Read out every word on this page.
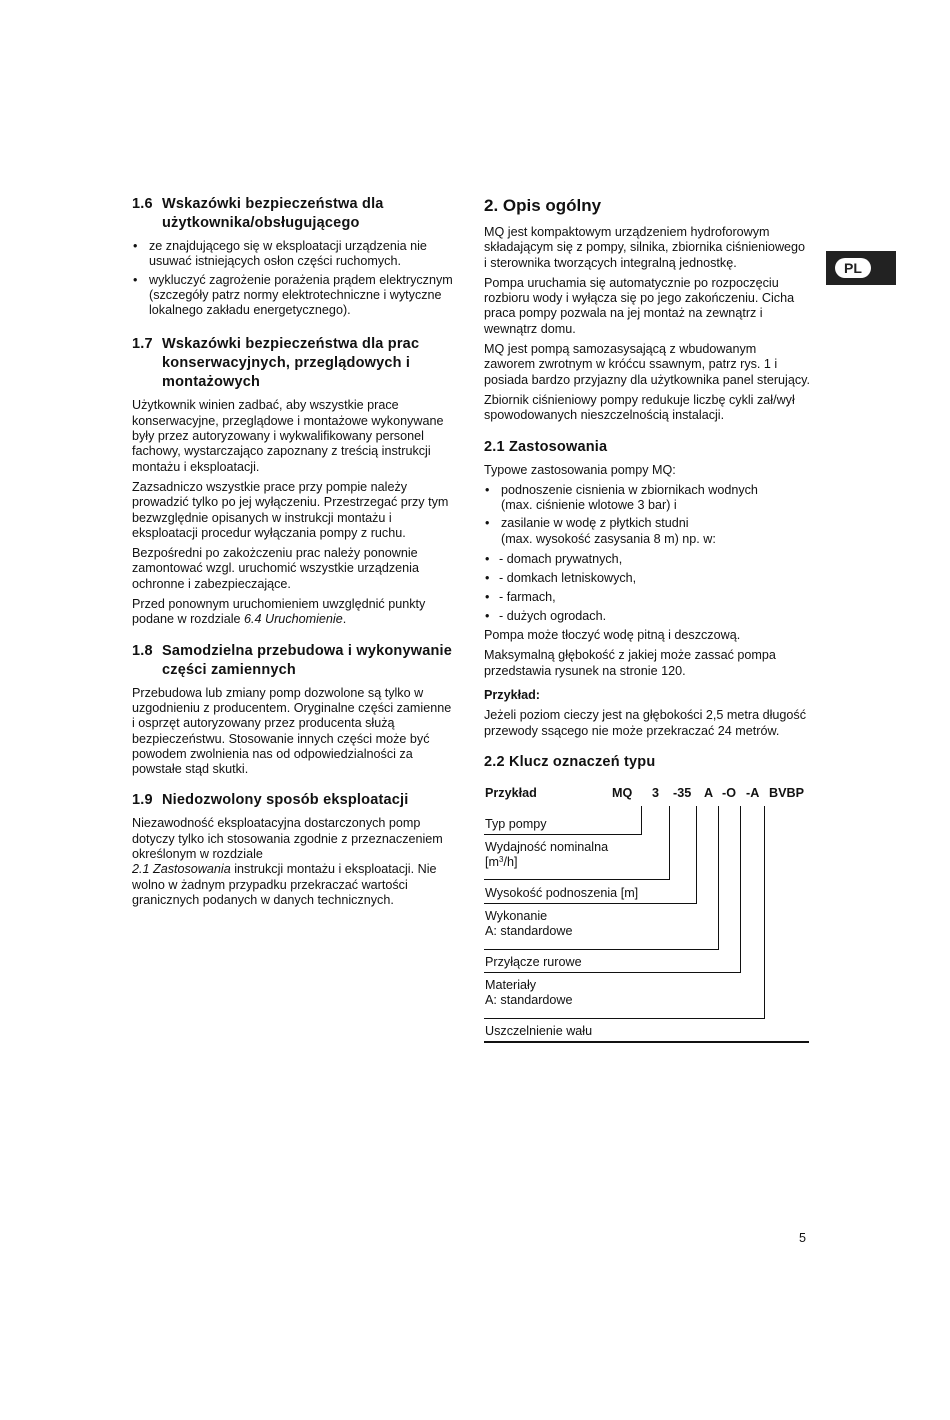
1.6 Wskazówki bezpieczeństwa dla użytkownika/obsługującego
• ze znajdującego się w eksploatacji urządzenia nie usuwać istniejących osłon części ruchomych.
• wykluczyć zagrożenie porażenia prądem elektrycznym (szczegóły patrz normy elektrotechniczne i wytyczne lokalnego zakładu energetycznego).
1.7 Wskazówki bezpieczeństwa dla prac konserwacyjnych, przeglądowych i montażowych

Użytkownik winien zadbać, aby wszystkie prace konserwacyjne, przeglądowe i montażowe wykonywane były przez autoryzowany i wykwalifikowany personel fachowy, wystarczająco zapoznany z treścią instrukcji montażu i eksploatacji.

Zazsadniczo wszystkie prace przy pompie należy prowadzić tylko po jej wyłączeniu. Przestrzegać przy tym bezwzględnie opisanych w instrukcji montażu i eksploatacji procedur wyłączania pompy z ruchu.

Bezpośredni po zakożczeniu prac należy ponownie zamontować wzgl. uruchomić wszystkie urządzenia ochronne i zabezpieczające.

Przed ponownym uruchomieniem uwzględnić punkty podane w rozdziale 6.4 Uruchomienie.

1.8 Samodzielna przebudowa i wykonywanie części zamiennych

Przebudowa lub zmiany pomp dozwolone są tylko w uzgodnieniu z producentem. Oryginalne części zamienne i osprzęt autoryzowany przez producenta służą bezpieczeństwu. Stosowanie innych części może być powodem zwolnienia nas od odpowiedzialności za powstałe stąd skutki.

1.9 Niedozwolony sposób eksploatacji

Niezawodność eksploatacyjna dostarczonych pomp dotyczy tylko ich stosowania zgodnie z przeznaczeniem określonym w rozdziale
2.1 Zastosowania instrukcji montażu i eksploatacji. Nie wolno w żadnym przypadku przekraczać wartości granicznych podanych w danych technicznych.

2. Opis ogólny

MQ jest kompaktowym urządzeniem hydroforowym składającym się z pompy, silnika, zbiornika ciśnieniowego i sterownika tworzących integralną jednostkę.

Pompa uruchamia się automatycznie po rozpoczęciu rozbioru wody i wyłącza się po jego zakończeniu. Cicha praca pompy pozwala na jej montaż na zewnątrz i wewnątrz domu.

MQ jest pompą samozasysającą z wbudowanym zaworem zwrotnym w króćcu ssawnym, patrz rys. 1 i posiada bardzo przyjazny dla użytkownika panel sterujący.

Zbiornik ciśnieniowy pompy redukuje liczbę cykli zał/wył spowodowanych nieszczelnością instalacji.

2.1 Zastosowania

Typowe zastosowania pompy MQ:

• podnoszenie cisnienia w zbiornikach wodnych
(max. ciśnienie wlotowe 3 bar) i
• zasilanie w wodę z płytkich studni
(max. wysokość zasysania 8 m) np. w:
• - domach prywatnych,
• - domkach letniskowych,
• - farmach,
• - dużych ogrodach.

Pompa może tłoczyć wodę pitną i deszczową.

Maksymalną głębokość z jakiej może zassać pompa przedstawia rysunek na stronie 120.

Przykład:

Jeżeli poziom cieczy jest na głębokości 2,5 metra długość przewody ssącego nie może przekraczać 24 metrów.

2.2 Klucz oznaczeń typu
Przykład	MQ 3 -35 A -O -A BVBP
Typ pompy
Wydajność nominalna
$[m^3/h]$
Wysokość podnoszenia [m]
Wykonanie
A: standardowe
Przyłącze rurowe
Materiały
A: standardowe
Uszczelnienie wału
PL
5
